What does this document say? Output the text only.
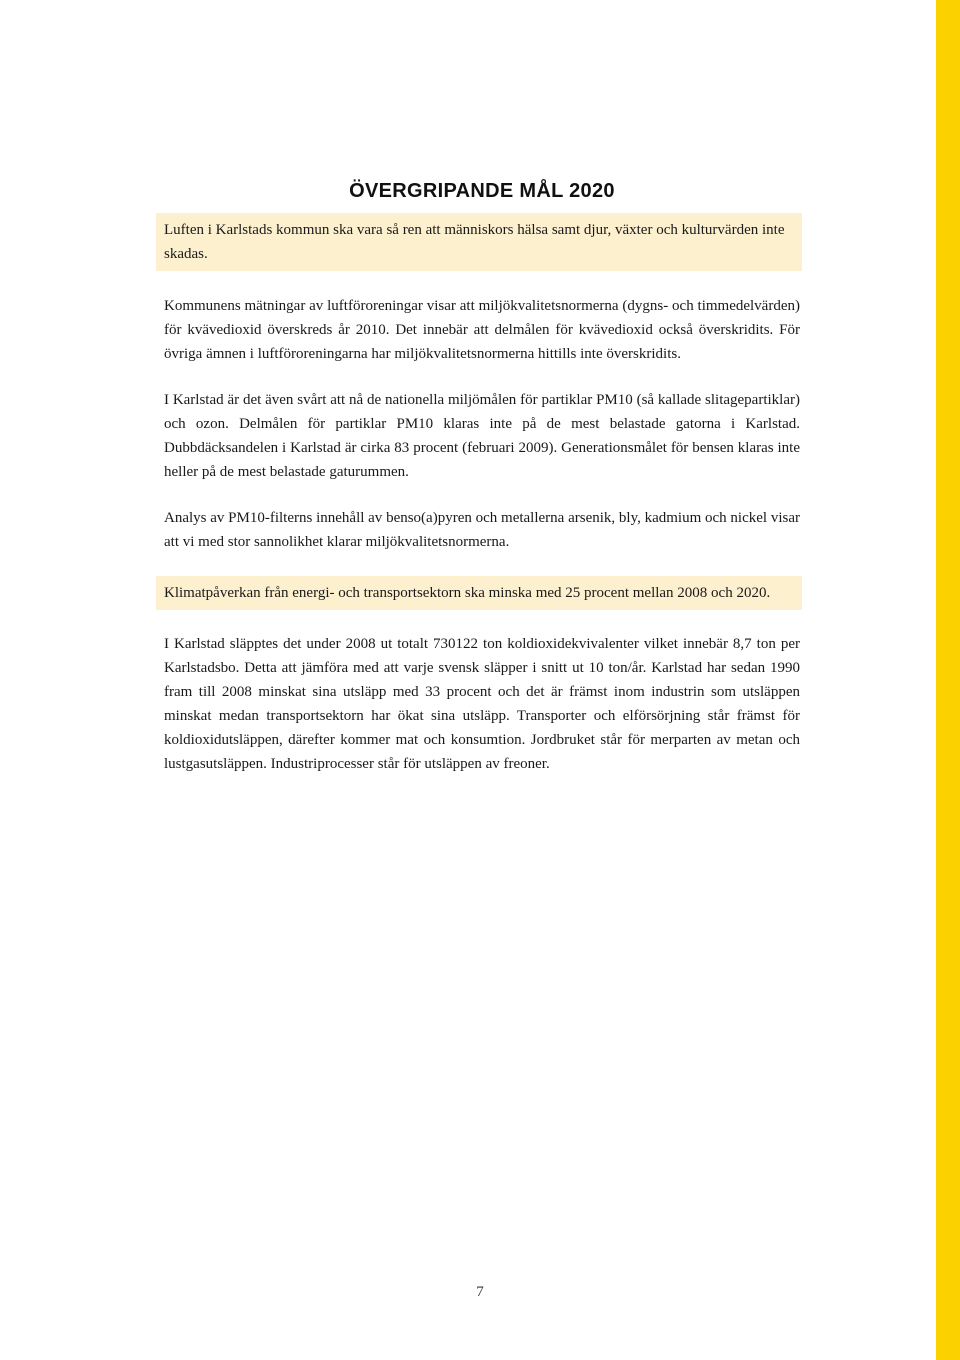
ÖVERGRIPANDE MÅL 2020
Luften i Karlstads kommun ska vara så ren att människors hälsa samt djur, växter och kulturvärden inte skadas.

Kommunens mätningar av luftföroreningar visar att miljökvalitetsnormerna (dygns- och timmedelvärden) för kvävedioxid överskreds år 2010. Det innebär att delmålen för kvävedioxid också överskridits. För övriga ämnen i luftföroreningarna har miljökvalitetsnormerna hittills inte överskridits.

I Karlstad är det även svårt att nå de nationella miljömålen för partiklar PM10 (så kallade slitagepartiklar) och ozon. Delmålen för partiklar PM10 klaras inte på de mest belastade gatorna i Karlstad. Dubbdäcksandelen i Karlstad är cirka 83 procent (februari 2009). Generationsmålet för bensen klaras inte heller på de mest belastade gaturummen.

Analys av PM10-filterns innehåll av benso(a)pyren och metallerna arsenik, bly, kadmium och nickel visar att vi med stor sannolikhet klarar miljökvalitetsnormerna.

Klimatpåverkan från energi- och transportsektorn ska minska med 25 procent mellan 2008 och 2020.

I Karlstad släpptes det under 2008 ut totalt 730122 ton koldioxidekvivalenter vilket innebär 8,7 ton per Karlstadsbo. Detta att jämföra med att varje svensk släpper i snitt ut 10 ton/år. Karlstad har sedan 1990 fram till 2008 minskat sina utsläpp med 33 procent och det är främst inom industrin som utsläppen minskat medan transportsektorn har ökat sina utsläpp. Transporter och elförsörjning står främst för koldioxidutsläppen, därefter kommer mat och konsumtion. Jordbruket står för merparten av metan och lustgasutsläppen. Industriprocesser står för utsläppen av freoner.

7
